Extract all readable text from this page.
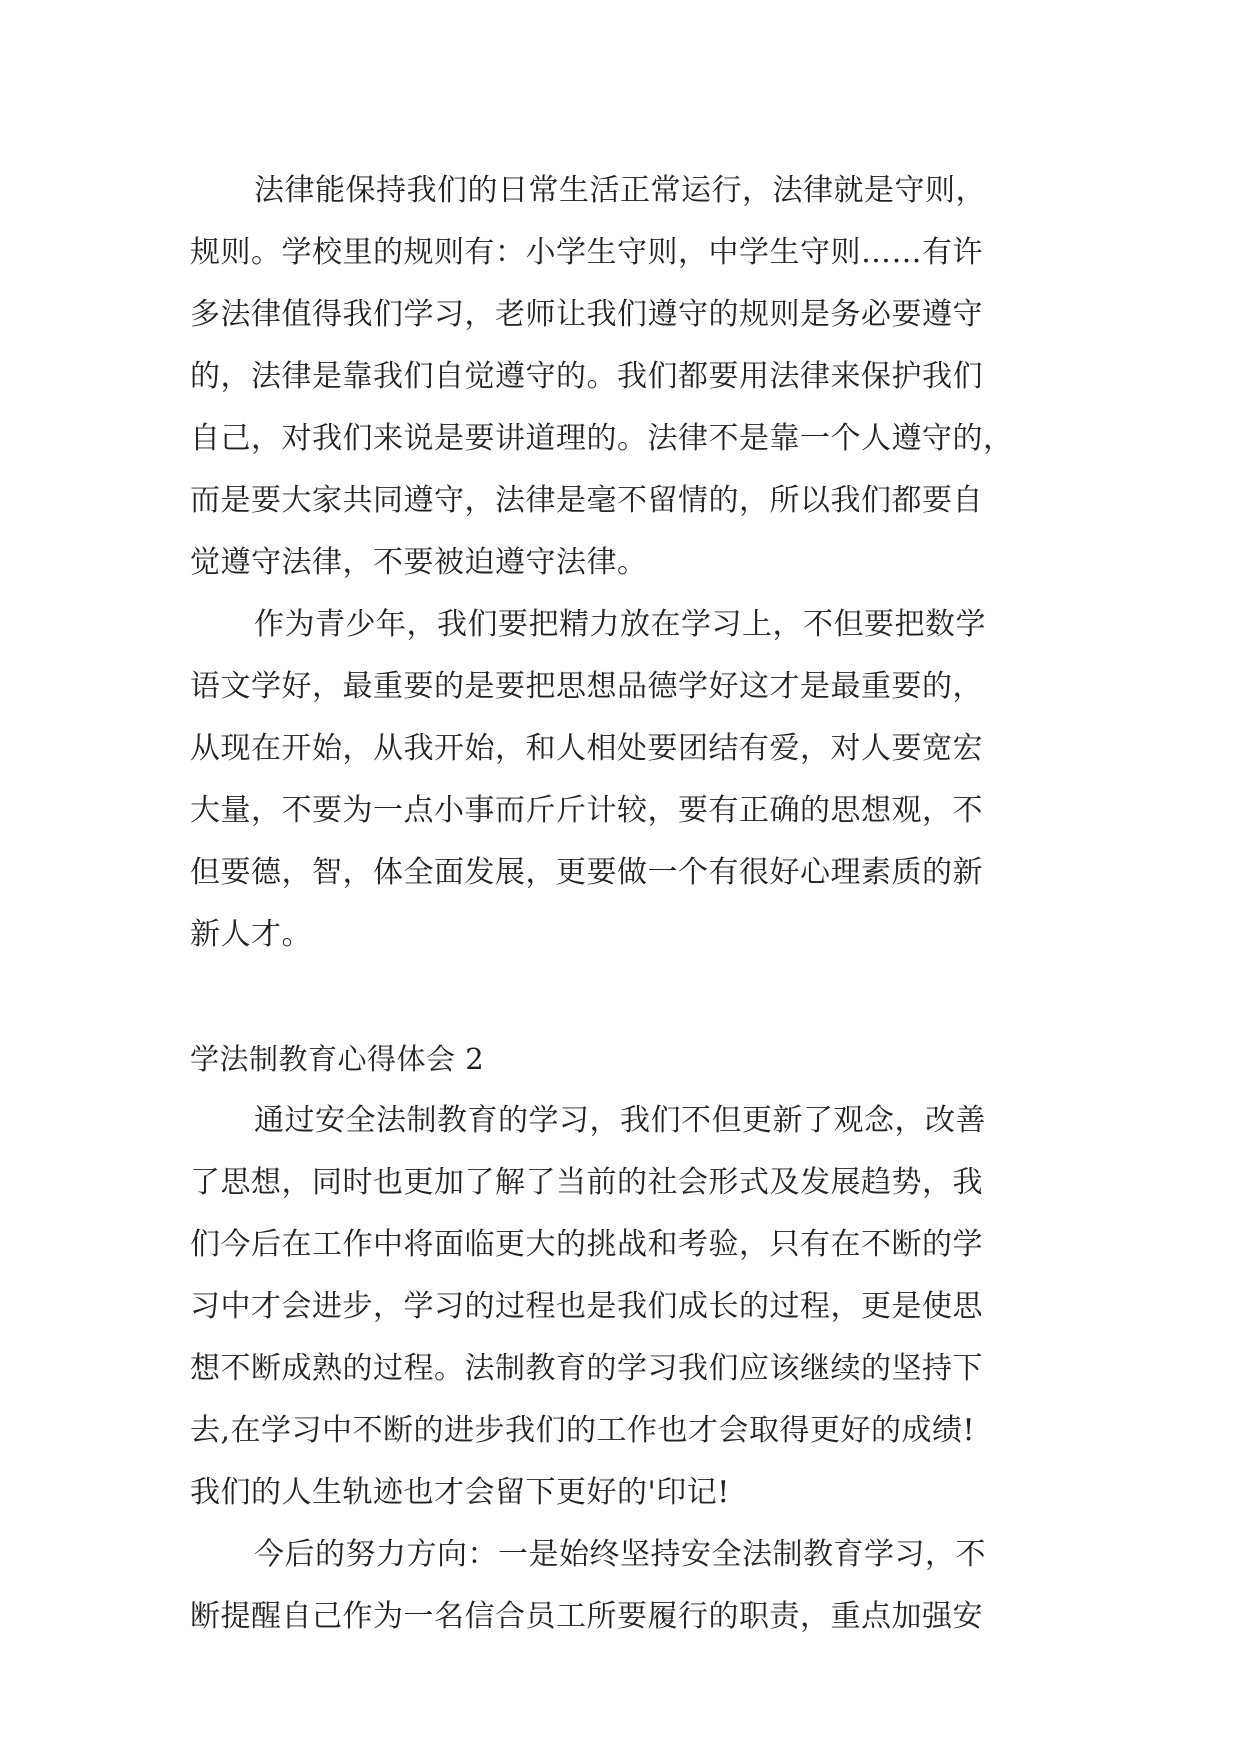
法律能保持我们的日常生活正常运行，法律就是守则，
规则。学校里的规则有：小学生守则，中学生守则……有许
多法律值得我们学习，老师让我们遵守的规则是务必要遵守
的，法律是靠我们自觉遵守的。我们都要用法律来保护我们
自己，对我们来说是要讲道理的。法律不是靠一个人遵守的，
而是要大家共同遵守，法律是毫不留情的，所以我们都要自
觉遵守法律，不要被迫遵守法律。
作为青少年，我们要把精力放在学习上，不但要把数学
语文学好，最重要的是要把思想品德学好这才是最重要的，
从现在开始，从我开始，和人相处要团结有爱，对人要宽宏
大量，不要为一点小事而斤斤计较，要有正确的思想观，不
但要德，智，体全面发展，更要做一个有很好心理素质的新
新人才。
学法制教育心得体会 2
通过安全法制教育的学习，我们不但更新了观念，改善
了思想，同时也更加了解了当前的社会形式及发展趋势，我
们今后在工作中将面临更大的挑战和考验，只有在不断的学
习中才会进步，学习的过程也是我们成长的过程，更是使思
想不断成熟的过程。法制教育的学习我们应该继续的坚持下
去,在学习中不断的进步我们的工作也才会取得更好的成绩!
我们的人生轨迹也才会留下更好的'印记!
今后的努力方向：一是始终坚持安全法制教育学习，不
断提醒自己作为一名信合员工所要履行的职责，重点加强安
